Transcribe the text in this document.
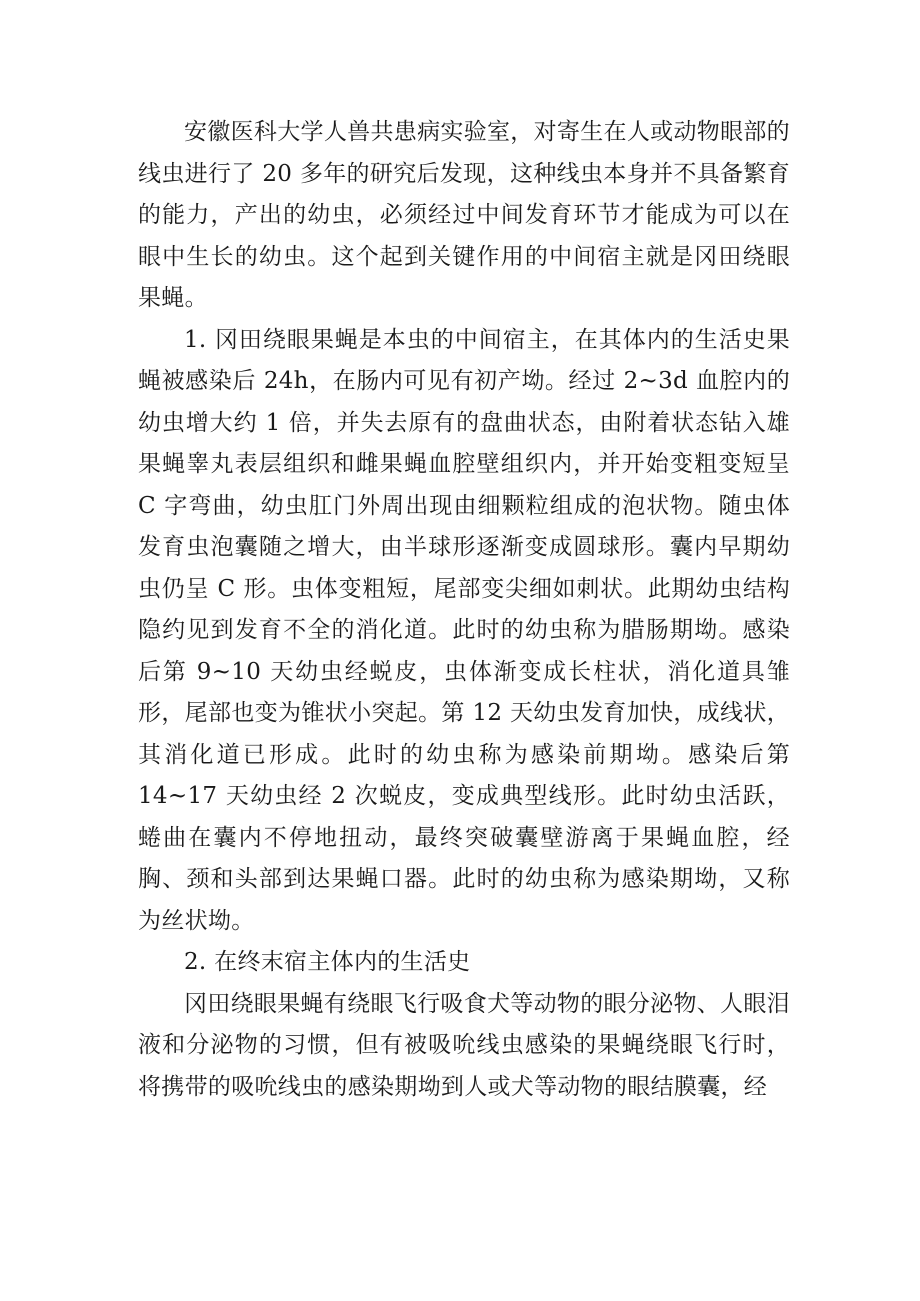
安徽医科大学人兽共患病实验室，对寄生在人或动物眼部的线虫进行了 20 多年的研究后发现，这种线虫本身并不具备繁育的能力，产出的幼虫，必须经过中间发育环节才能成为可以在眼中生长的幼虫。这个起到关键作用的中间宿主就是冈田绕眼果蝇。

1. 冈田绕眼果蝇是本虫的中间宿主，在其体内的生活史果蝇被感染后 24h，在肠内可见有初产坳。经过 2~3d 血腔内的幼虫增大约 1 倍，并失去原有的盘曲状态，由附着状态钻入雄果蝇睾丸表层组织和雌果蝇血腔壁组织内，并开始变粗变短呈 C 字弯曲，幼虫肛门外周出现由细颗粒组成的泡状物。随虫体发育虫泡囊随之增大，由半球形逐渐变成圆球形。囊内早期幼虫仍呈 C 形。虫体变粗短，尾部变尖细如刺状。此期幼虫结构隐约见到发育不全的消化道。此时的幼虫称为腊肠期坳。感染后第 9~10 天幼虫经蜕皮，虫体渐变成长柱状，消化道具雏形，尾部也变为锥状小突起。第 12 天幼虫发育加快，成线状，其消化道已形成。此时的幼虫称为感染前期坳。感染后第 14~17 天幼虫经 2 次蜕皮，变成典型线形。此时幼虫活跃，蜷曲在囊内不停地扭动，最终突破囊壁游离于果蝇血腔，经胸、颈和头部到达果蝇口器。此时的幼虫称为感染期坳，又称为丝状坳。

2. 在终末宿主体内的生活史

冈田绕眼果蝇有绕眼飞行吸食犬等动物的眼分泌物、人眼泪液和分泌物的习惯，但有被吸吮线虫感染的果蝇绕眼飞行时，将携带的吸吮线虫的感染期坳到人或犬等动物的眼结膜囊，经
